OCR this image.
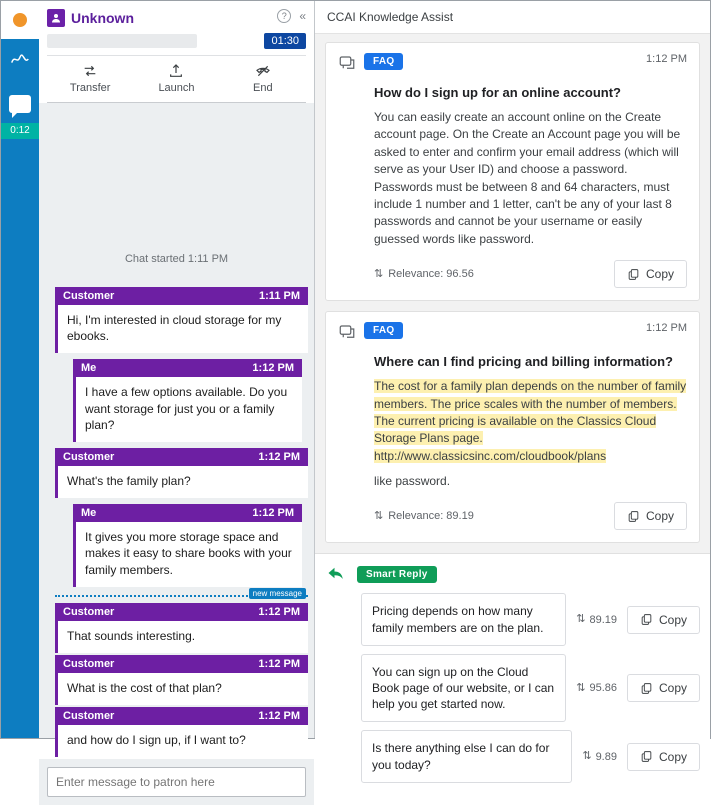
0:12
Unknown	?	«
01:30
Transfer	Launch	End
Chat started 1:11 PM
Customer	1:11 PM
Hi, I'm interested in cloud storage for my ebooks.
Me	1:12 PM
I have a few options available. Do you want storage for just you or a family plan?
Customer	1:12 PM
What's the family plan?
Me	1:12 PM
It gives you more storage space and makes it easy to share books with your family members.
new message
Customer	1:12 PM
That sounds interesting.
Customer	1:12 PM
What is the cost of that plan?
Customer	1:12 PM
and how do I sign up, if I want to?
Enter message to patron here
CCAI Knowledge Assist
FAQ	1:12 PM
How do I sign up for an online account?
You can easily create an account online on the Create account page. On the Create an Account page you will be asked to enter and confirm your email address (which will serve as your User ID) and choose a password. Passwords must be between 8 and 64 characters, must include 1 number and 1 letter, can't be any of your last 8 passwords and cannot be your username or easily guessed words like password.
⇅ Relevance: 96.56	Copy
FAQ	1:12 PM
Where can I find pricing and billing information?
The cost for a family plan depends on the number of family members. The price scales with the number of members. The current pricing is available on the Classics Cloud Storage Plans page. http://www.classicsinc.com/cloudbook/plans
like password.
⇅ Relevance: 89.19	Copy
Smart Reply
Pricing depends on how many family members are on the plan.
⇅ 89.19	Copy
You can sign up on the Cloud Book page of our website, or I can help you get started now.
⇅ 95.86	Copy
Is there anything else I can do for you today?
⇅ 9.89	Copy
